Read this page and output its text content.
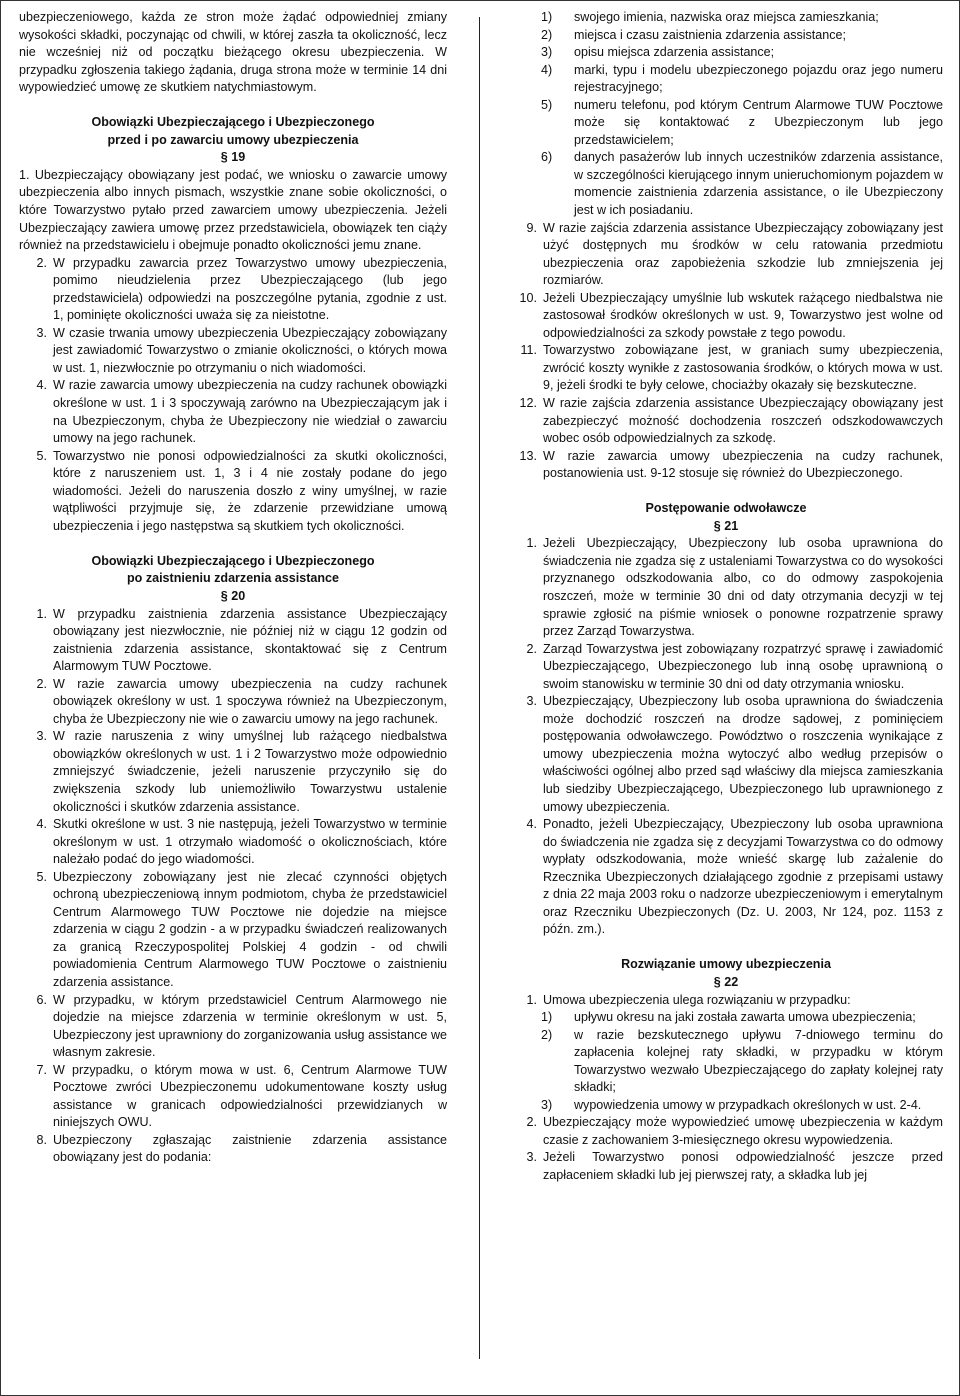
ubezpieczeniowego, każda ze stron może żądać odpowiedniej zmiany wysokości składki, poczynając od chwili, w której zaszła ta okoliczność, lecz nie wcześniej niż od początku bieżącego okresu ubezpieczenia. W przypadku zgłoszenia takiego żądania, druga strona może w terminie 14 dni wypowiedzieć umowę ze skutkiem natychmiastowym.

Obowiązki Ubezpieczającego i Ubezpieczonego

przed i po zawarciu umowy ubezpieczenia

§ 19

1. Ubezpieczający obowiązany jest podać, we wniosku o zawarcie umowy ubezpieczenia albo innych pismach, wszystkie znane sobie okoliczności, o które Towarzystwo pytało przed zawarciem umowy ubezpieczenia. Jeżeli Ubezpieczający zawiera umowę przez przedstawiciela, obowiązek ten ciąży również na przedstawicielu i obejmuje ponadto okoliczności jemu znane.

2. W przypadku zawarcia przez Towarzystwo umowy ubezpieczenia, pomimo nieudzielenia przez Ubezpieczającego (lub jego przedstawiciela) odpowiedzi na poszczególne pytania, zgodnie z ust. 1, pominięte okoliczności uważa się za nieistotne.
3. W czasie trwania umowy ubezpieczenia Ubezpieczający zobowiązany jest zawiadomić Towarzystwo o zmianie okoliczności, o których mowa w ust. 1, niezwłocznie po otrzymaniu o nich wiadomości.
4. W razie zawarcia umowy ubezpieczenia na cudzy rachunek obowiązki określone w ust. 1 i 3 spoczywają zarówno na Ubezpieczającym jak i na Ubezpieczonym, chyba że Ubezpieczony nie wiedział o zawarciu umowy na jego rachunek.
5. Towarzystwo nie ponosi odpowiedzialności za skutki okoliczności, które z naruszeniem ust. 1, 3 i 4 nie zostały podane do jego wiadomości. Jeżeli do naruszenia doszło z winy umyślnej, w razie wątpliwości przyjmuje się, że zdarzenie przewidziane umową ubezpieczenia i jego następstwa są skutkiem tych okoliczności.

Obowiązki Ubezpieczającego i Ubezpieczonego

po zaistnieniu zdarzenia assistance

§ 20

1. W przypadku zaistnienia zdarzenia assistance Ubezpieczający obowiązany jest niezwłocznie, nie później niż w ciągu 12 godzin od zaistnienia zdarzenia assistance, skontaktować się z Centrum Alarmowym TUW Pocztowe.
2. W razie zawarcia umowy ubezpieczenia na cudzy rachunek obowiązek określony w ust. 1 spoczywa również na Ubezpieczonym, chyba że Ubezpieczony nie wie o zawarciu umowy na jego rachunek.
3. W razie naruszenia z winy umyślnej lub rażącego niedbalstwa obowiązków określonych w ust. 1 i 2 Towarzystwo może odpowiednio zmniejszyć świadczenie, jeżeli naruszenie przyczyniło się do zwiększenia szkody lub uniemożliwiło Towarzystwu ustalenie okoliczności i skutków zdarzenia assistance.
4. Skutki określone w ust. 3 nie następują, jeżeli Towarzystwo w terminie określonym w ust. 1 otrzymało wiadomość o okolicznościach, które należało podać do jego wiadomości.
5. Ubezpieczony zobowiązany jest nie zlecać czynności objętych ochroną ubezpieczeniową innym podmiotom, chyba że przedstawiciel Centrum Alarmowego TUW Pocztowe nie dojedzie na miejsce zdarzenia w ciągu 2 godzin - a w przypadku świadczeń realizowanych za granicą Rzeczypospolitej Polskiej 4 godzin - od chwili powiadomienia Centrum Alarmowego TUW Pocztowe o zaistnieniu zdarzenia assistance.
6. W przypadku, w którym przedstawiciel Centrum Alarmowego nie dojedzie na miejsce zdarzenia w terminie określonym w ust. 5, Ubezpieczony jest uprawniony do zorganizowania usług assistance we własnym zakresie.
7. W przypadku, o którym mowa w ust. 6, Centrum Alarmowe TUW Pocztowe zwróci Ubezpieczonemu udokumentowane koszty usług assistance w granicach odpowiedzialności przewidzianych w niniejszych OWU.
8. Ubezpieczony zgłaszając zaistnienie zdarzenia assistance obowiązany jest do podania:
1) swojego imienia, nazwiska oraz miejsca zamieszkania;
2) miejsca i czasu zaistnienia zdarzenia assistance;
3) opisu miejsca zdarzenia assistance;
4) marki, typu i modelu ubezpieczonego pojazdu oraz jego numeru rejestracyjnego;
5) numeru telefonu, pod którym Centrum Alarmowe TUW Pocztowe może się kontaktować z Ubezpieczonym lub jego przedstawicielem;
6) danych pasażerów lub innych uczestników zdarzenia assistance, w szczególności kierującego innym unieruchomionym pojazdem w momencie zaistnienia zdarzenia assistance, o ile Ubezpieczony jest w ich posiadaniu.
9. W razie zajścia zdarzenia assistance Ubezpieczający zobowiązany jest użyć dostępnych mu środków w celu ratowania przedmiotu ubezpieczenia oraz zapobieżenia szkodzie lub zmniejszenia jej rozmiarów.
10. Jeżeli Ubezpieczający umyślnie lub wskutek rażącego niedbalstwa nie zastosował środków określonych w ust. 9, Towarzystwo jest wolne od odpowiedzialności za szkody powstałe z tego powodu.
11. Towarzystwo zobowiązane jest, w graniach sumy ubezpieczenia, zwrócić koszty wynikłe z zastosowania środków, o których mowa w ust. 9, jeżeli środki te były celowe, chociażby okazały się bezskuteczne.
12. W razie zajścia zdarzenia assistance Ubezpieczający obowiązany jest zabezpieczyć możność dochodzenia roszczeń odszkodowawczych wobec osób odpowiedzialnych za szkodę.
13. W razie zawarcia umowy ubezpieczenia na cudzy rachunek, postanowienia ust. 9-12 stosuje się również do Ubezpieczonego.

Postępowanie odwoławcze

§ 21

1. Jeżeli Ubezpieczający, Ubezpieczony lub osoba uprawniona do świadczenia nie zgadza się z ustaleniami Towarzystwa co do wysokości przyznanego odszkodowania albo, co do odmowy zaspokojenia roszczeń, może w terminie 30 dni od daty otrzymania decyzji w tej sprawie zgłosić na piśmie wniosek o ponowne rozpatrzenie sprawy przez Zarząd Towarzystwa.
2. Zarząd Towarzystwa jest zobowiązany rozpatrzyć sprawę i zawiadomić Ubezpieczającego, Ubezpieczonego lub inną osobę uprawnioną o swoim stanowisku w terminie 30 dni od daty otrzymania wniosku.
3. Ubezpieczający, Ubezpieczony lub osoba uprawniona do świadczenia może dochodzić roszczeń na drodze sądowej, z pominięciem postępowania odwoławczego. Powództwo o roszczenia wynikające z umowy ubezpieczenia można wytoczyć albo według przepisów o właściwości ogólnej albo przed sąd właściwy dla miejsca zamieszkania lub siedziby Ubezpieczającego, Ubezpieczonego lub uprawnionego z umowy ubezpieczenia.
4. Ponadto, jeżeli Ubezpieczający, Ubezpieczony lub osoba uprawniona do świadczenia nie zgadza się z decyzjami Towarzystwa co do odmowy wypłaty odszkodowania, może wnieść skargę lub zażalenie do Rzecznika Ubezpieczonych działającego zgodnie z przepisami ustawy z dnia 22 maja 2003 roku o nadzorze ubezpieczeniowym i emerytalnym oraz Rzeczniku Ubezpieczonych (Dz. U. 2003, Nr 124, poz. 1153 z późn. zm.).

Rozwiązanie umowy ubezpieczenia

§ 22

1. Umowa ubezpieczenia ulega rozwiązaniu w przypadku:
1) upływu okresu na jaki została zawarta umowa ubezpieczenia;
2) w razie bezskutecznego upływu 7-dniowego terminu do zapłacenia kolejnej raty składki, w przypadku w którym Towarzystwo wezwało Ubezpieczającego do zapłaty kolejnej raty składki;
3) wypowiedzenia umowy w przypadkach określonych w ust. 2-4.
2. Ubezpieczający może wypowiedzieć umowę ubezpieczenia w każdym czasie z zachowaniem 3-miesięcznego okresu wypowiedzenia.
3. Jeżeli Towarzystwo ponosi odpowiedzialność jeszcze przed zapłaceniem składki lub jej pierwszej raty, a składka lub jej
